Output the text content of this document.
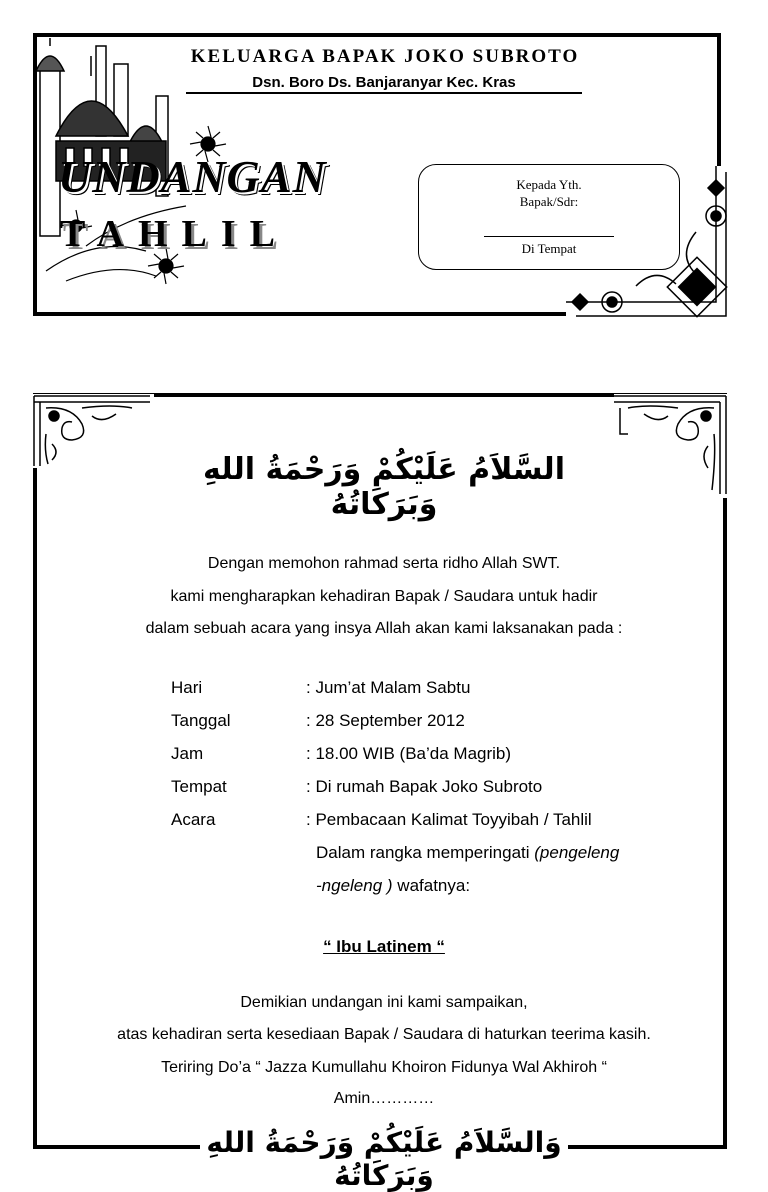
KELUARGA BAPAK JOKO SUBROTO
Dsn. Boro Ds. Banjaranyar Kec. Kras
UNDANGAN
TAHLIL
Kepada Yth.
Bapak/Sdr:
Di Tempat
السَّلاَمُ عَلَيْكُمْ وَرَحْمَةُ اللهِ وَبَرَكَاتُهُ
Dengan memohon rahmad serta ridho Allah SWT.
kami mengharapkan kehadiran Bapak / Saudara untuk hadir
dalam sebuah acara yang insya Allah akan kami laksanakan pada :
Hari	: Jum’at Malam Sabtu
Tanggal	: 28 September 2012
Jam	: 18.00 WIB (Ba’da Magrib)
Tempat	: Di rumah Bapak Joko Subroto
Acara	: Pembacaan Kalimat Toyyibah / Tahlil
Dalam rangka memperingati (pengeleng
-ngeleng ) wafatnya:
“ Ibu Latinem “
Demikian undangan ini kami sampaikan,
atas kehadiran serta kesediaan Bapak / Saudara di haturkan teerima kasih.
Teriring Do’a “ Jazza Kumullahu Khoiron Fidunya Wal Akhiroh “
Amin…………
وَالسَّلاَمُ عَلَيْكُمْ وَرَحْمَةُ اللهِ وَبَرَكَاتُهُ
